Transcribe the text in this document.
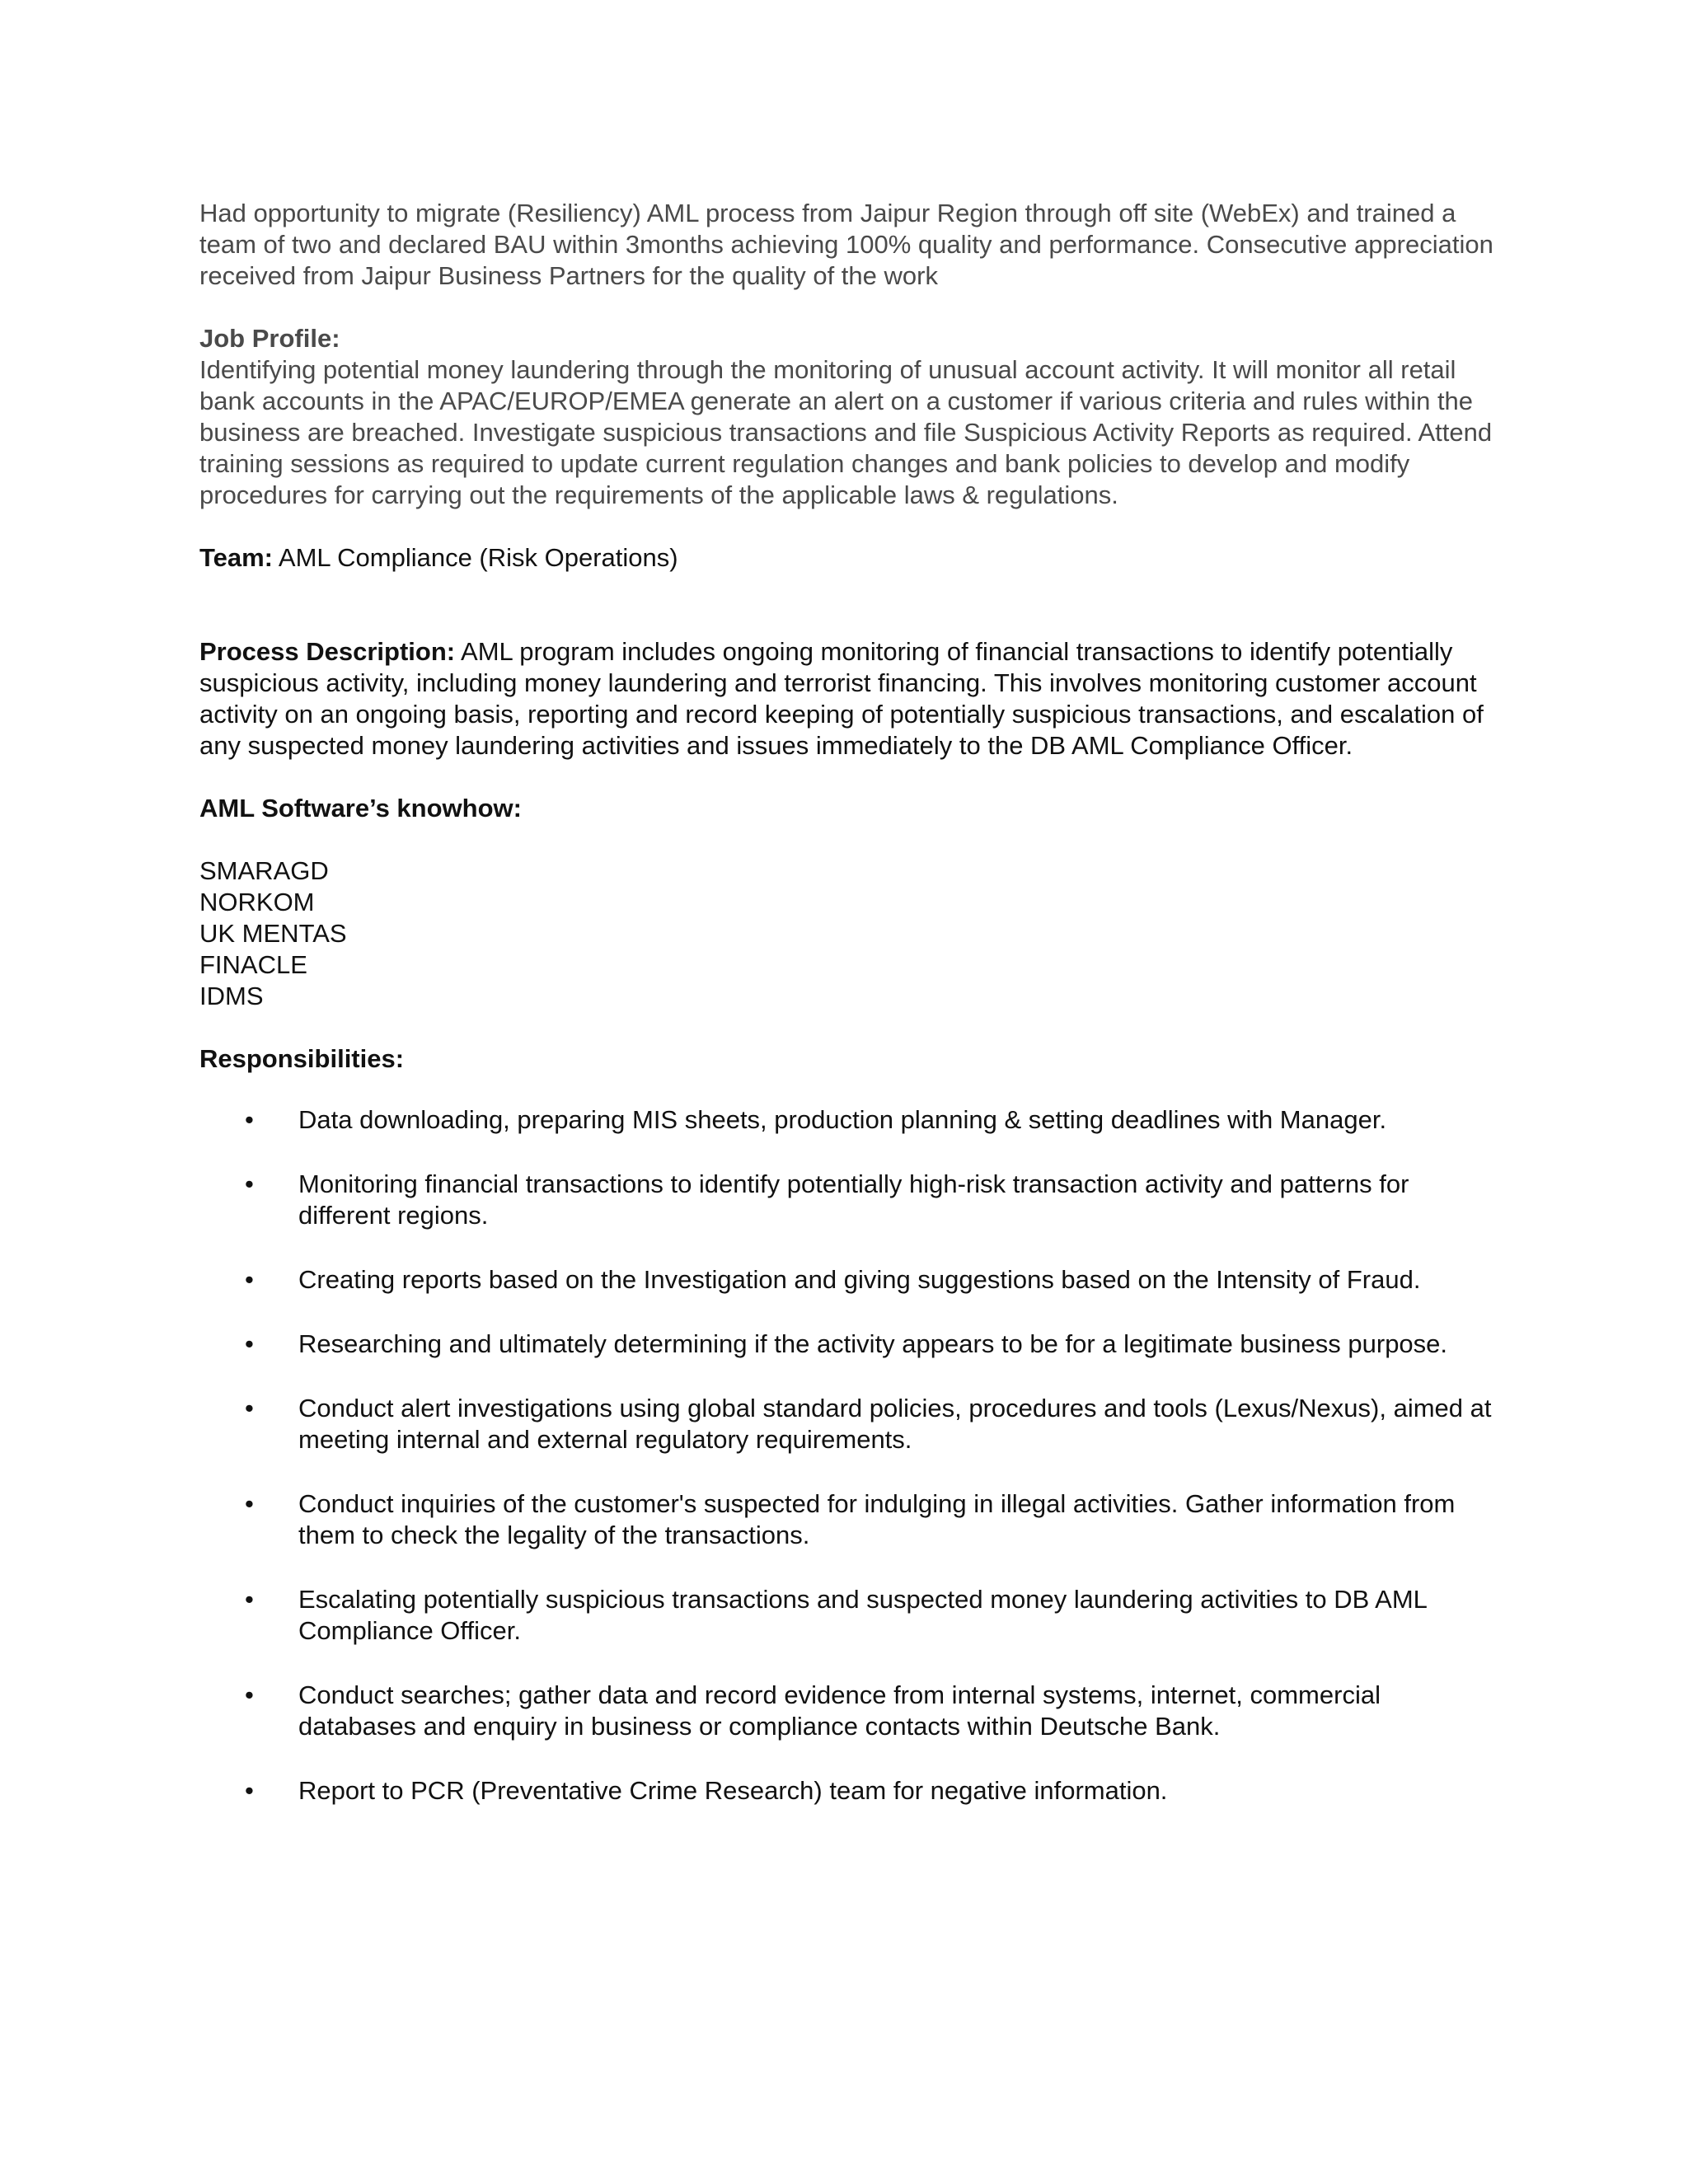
Had opportunity to migrate (Resiliency) AML process from Jaipur Region through off site (WebEx) and trained a team of two and declared BAU within 3months achieving 100% quality and performance. Consecutive appreciation received from Jaipur Business Partners for the quality of the work

Job Profile:

Identifying potential money laundering through the monitoring of unusual account activity. It will monitor all retail bank accounts in the APAC/EUROP/EMEA generate an alert on a customer if various criteria and rules within the business are breached. Investigate suspicious transactions and file Suspicious Activity Reports as required. Attend training sessions as required to update current regulation changes and bank policies to develop and modify procedures for carrying out the requirements of the applicable laws & regulations.

Team: AML Compliance (Risk Operations)

Process Description: AML program includes ongoing monitoring of financial transactions to identify potentially suspicious activity, including money laundering and terrorist financing. This involves monitoring customer account activity on an ongoing basis, reporting and record keeping of potentially suspicious transactions, and escalation of any suspected money laundering activities and issues immediately to the DB AML Compliance Officer.

AML Software’s knowhow:
SMARAGD
NORKOM
UK MENTAS
FINACLE
IDMS
Responsibilities:
• Data downloading, preparing MIS sheets, production planning & setting deadlines with Manager.
• Monitoring financial transactions to identify potentially high-risk transaction activity and patterns for different regions.
• Creating reports based on the Investigation and giving suggestions based on the Intensity of Fraud.
• Researching and ultimately determining if the activity appears to be for a legitimate business purpose.
• Conduct alert investigations using global standard policies, procedures and tools (Lexus/Nexus), aimed at meeting internal and external regulatory requirements.
• Conduct inquiries of the customer's suspected for indulging in illegal activities. Gather information from them to check the legality of the transactions.
• Escalating potentially suspicious transactions and suspected money laundering activities to DB AML Compliance Officer.
• Conduct searches; gather data and record evidence from internal systems, internet, commercial databases and enquiry in business or compliance contacts within Deutsche Bank.
• Report to PCR (Preventative Crime Research) team for negative information.
